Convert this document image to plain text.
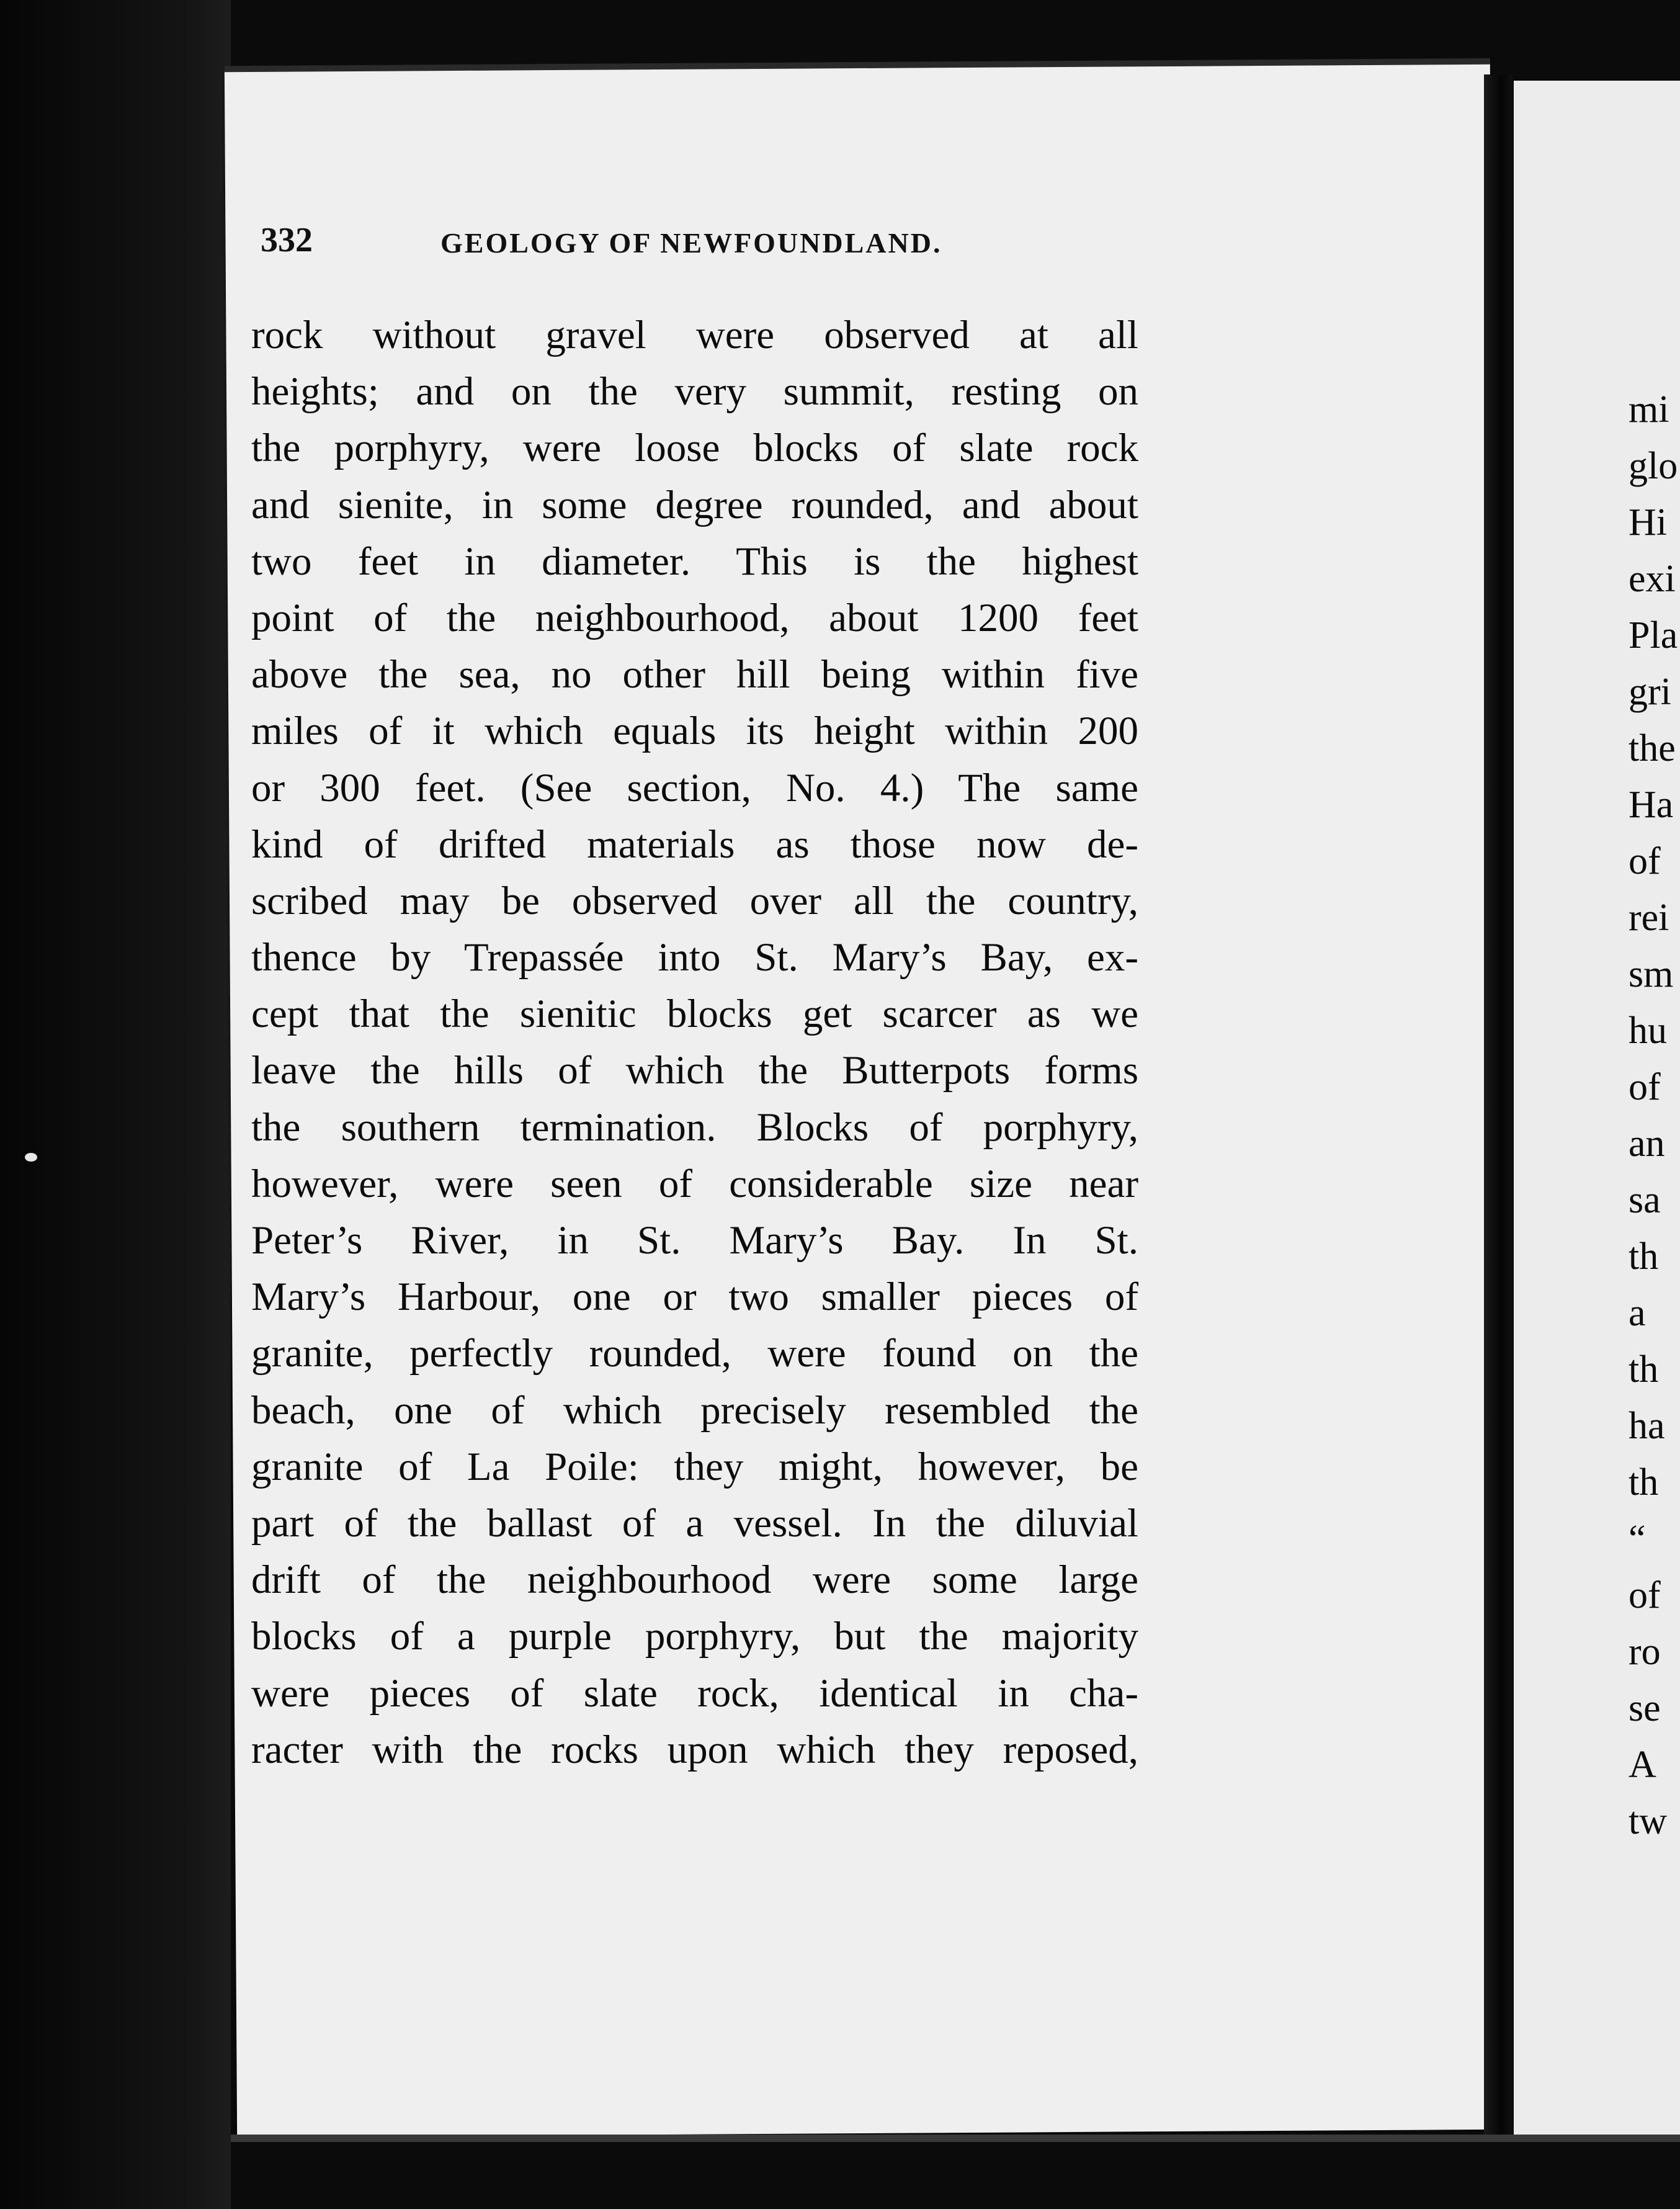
332	GEOLOGY OF NEWFOUNDLAND.
rock without gravel were observed at all
heights; and on the very summit, resting on
the porphyry, were loose blocks of slate rock
and sienite, in some degree rounded, and about
two feet in diameter. This is the highest
point of the neighbourhood, about 1200 feet
above the sea, no other hill being within five
miles of it which equals its height within 200
or 300 feet. (See section, No. 4.) The same
kind of drifted materials as those now de-
scribed may be observed over all the country,
thence by Trepassée into St. Mary’s Bay, ex-
cept that the sienitic blocks get scarcer as we
leave the hills of which the Butterpots forms
the southern termination. Blocks of porphyry,
however, were seen of considerable size near
Peter’s River, in St. Mary’s Bay. In St.
Mary’s Harbour, one or two smaller pieces of
granite, perfectly rounded, were found on the
beach, one of which precisely resembled the
granite of La Poile: they might, however, be
part of the ballast of a vessel. In the diluvial
drift of the neighbourhood were some large
blocks of a purple porphyry, but the majority
were pieces of slate rock, identical in cha-
racter with the rocks upon which they reposed,
mi
glo
Hi
exi
Pla
gri
the
Ha
of
rei
sm
hu
of
an
sa
th
a
th
ha
th
“
of
ro
se
A
tw
